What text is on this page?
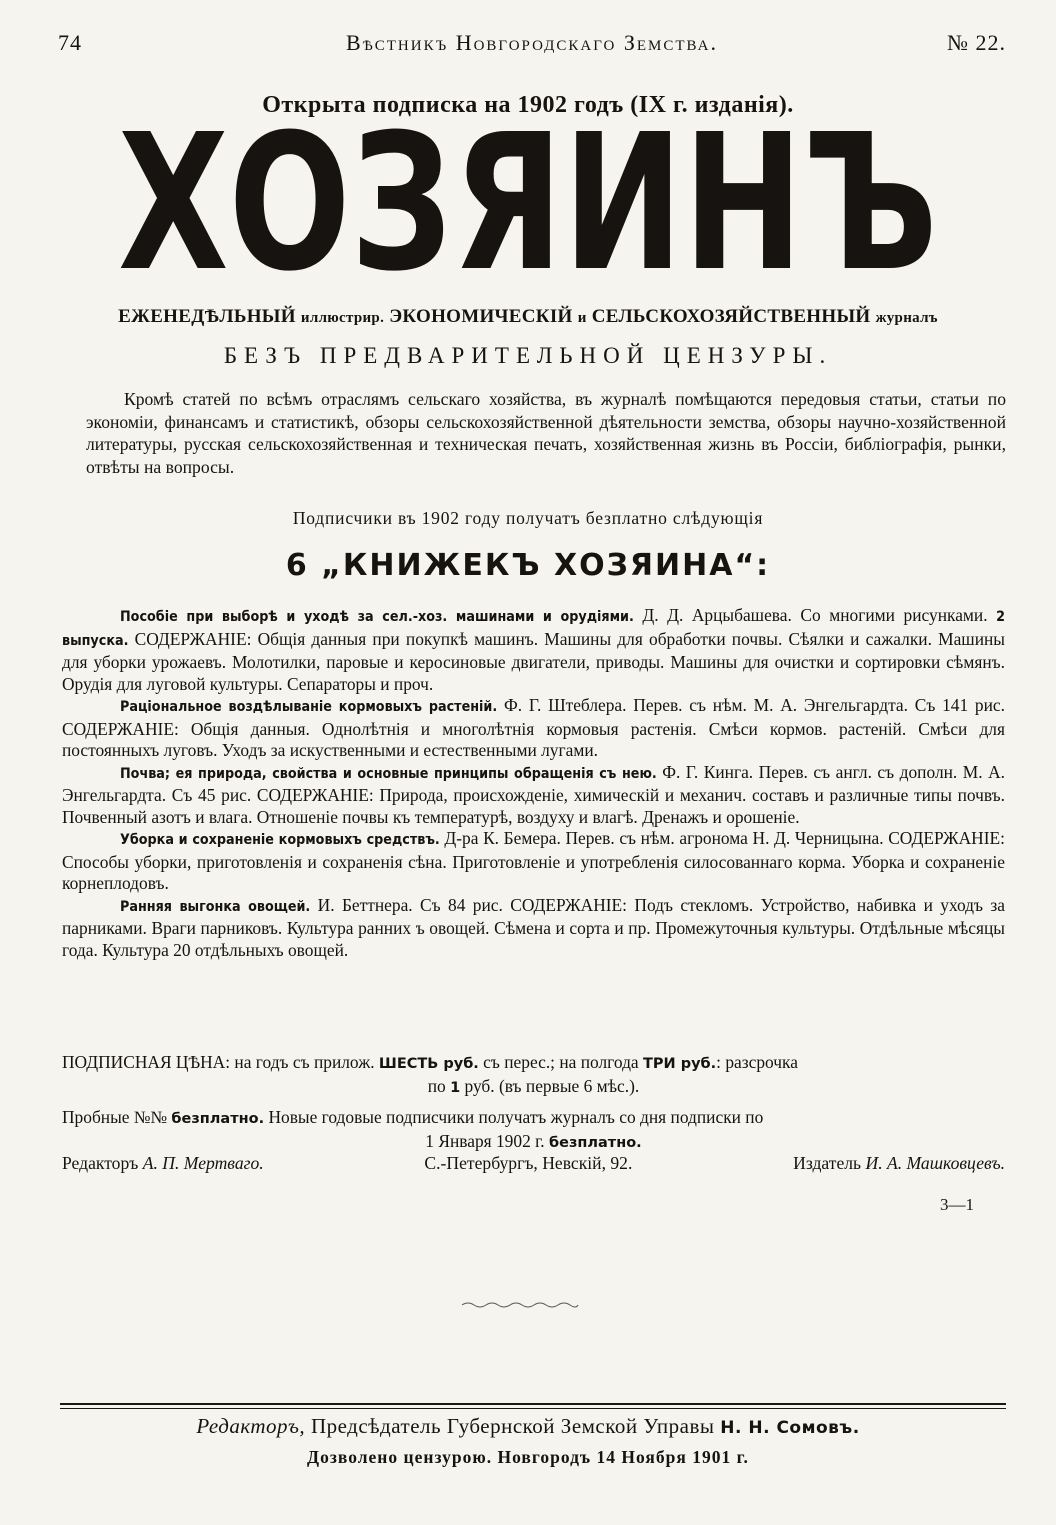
74	Вѣстникъ Новгородскаго Земства.	№ 22.
Открыта подписка на 1902 годъ (IX г. изданія).
ХОЗЯИНЪ
ЕЖЕНЕДѢЛЬНЫЙ иллюстрир. ЭКОНОМИЧЕСКІЙ и СЕЛЬСКОХОЗЯЙСТВЕННЫЙ журналъ
БЕЗЪ ПРЕДВАРИТЕЛЬНОЙ ЦЕНЗУРЫ.
Кромѣ статей по всѣмъ отраслямъ сельскаго хозяйства, въ журналѣ помѣщаются передовыя статьи, статьи по экономіи, финансамъ и статистикѣ, обзоры сельскохозяйственной дѣятельности земства, обзоры научно-хозяйственной литературы, русская сельскохозяйственная и техническая печать, хозяйственная жизнь въ Россіи, библіографія, рынки, отвѣты на вопросы.
Подписчики въ 1902 году получатъ безплатно слѣдующія
6 „КНИЖЕКЪ ХОЗЯИНА“:

Пособіе при выборѣ и уходѣ за сел.-хоз. машинами и орудіями. Д. Д. Арцыбашева. Со многими рисунками. 2 выпуска. СОДЕРЖАНІЕ: Общія данныя при покупкѣ машинъ. Машины для обработки почвы. Сѣялки и сажалки. Машины для уборки урожаевъ. Молотилки, паровые и керосиновые двигатели, приводы. Машины для очистки и сортировки сѣмянъ. Орудія для луговой культуры. Сепараторы и проч.

Раціональное воздѣлываніе кормовыхъ растеній. Ф. Г. Штеблера. Перев. съ нѣм. М. А. Энгельгардта. Съ 141 рис. СОДЕРЖАНІЕ: Общія данныя. Однолѣтнія и многолѣтнія кормовыя растенія. Смѣси кормов. растеній. Смѣси для постоянныхъ луговъ. Уходъ за искуственными и естественными лугами.

Почва; ея природа, свойства и основные принципы обращенія съ нею. Ф. Г. Кинга. Перев. съ англ. съ дополн. М. А. Энгельгардта. Съ 45 рис. СОДЕРЖАНІЕ: Природа, происхожденіе, химическій и механич. составъ и различные типы почвъ. Почвенный азотъ и влага. Отношеніе почвы къ температурѣ, воздуху и влагѣ. Дренажъ и орошеніе.

Уборка и сохраненіе кормовыхъ средствъ. Д-ра К. Бемера. Перев. съ нѣм. агронома Н. Д. Черницына. СОДЕРЖАНІЕ: Способы уборки, приготовленія и сохраненія сѣна. Приготовленіе и употребленія силосованнаго корма. Уборка и сохраненіе корнеплодовъ.

Ранняя выгонка овощей. И. Беттнера. Съ 84 рис. СОДЕРЖАНІЕ: Подъ стекломъ. Устройство, набивка и уходъ за парниками. Враги парниковъ. Культура ранних ъ овощей. Сѣмена и сорта и пр. Промежуточныя культуры. Отдѣльные мѣсяцы года. Культура 20 отдѣльныхъ овощей.

ПОДПИСНАЯ ЦѢНА: на годъ съ прилож. ШЕСТЬ руб. съ перес.; на полгода ТРИ руб.: разсрочка

по 1 руб. (въ первые 6 мѣс.).

Пробные №№ безплатно. Новые годовые подписчики получатъ журналъ со дня подписки по

1 Января 1902 г. безплатно.

Редакторъ А. П. Мертваго.	С.-Петербургъ, Невскій, 92.	Издатель И. А. Машковцевъ.
3—1
Редакторъ, Предсѣдатель Губернской Земской Управы Н. Н. Сомовъ.
Дозволено цензурою. Новгородъ 14 Ноября 1901 г.
